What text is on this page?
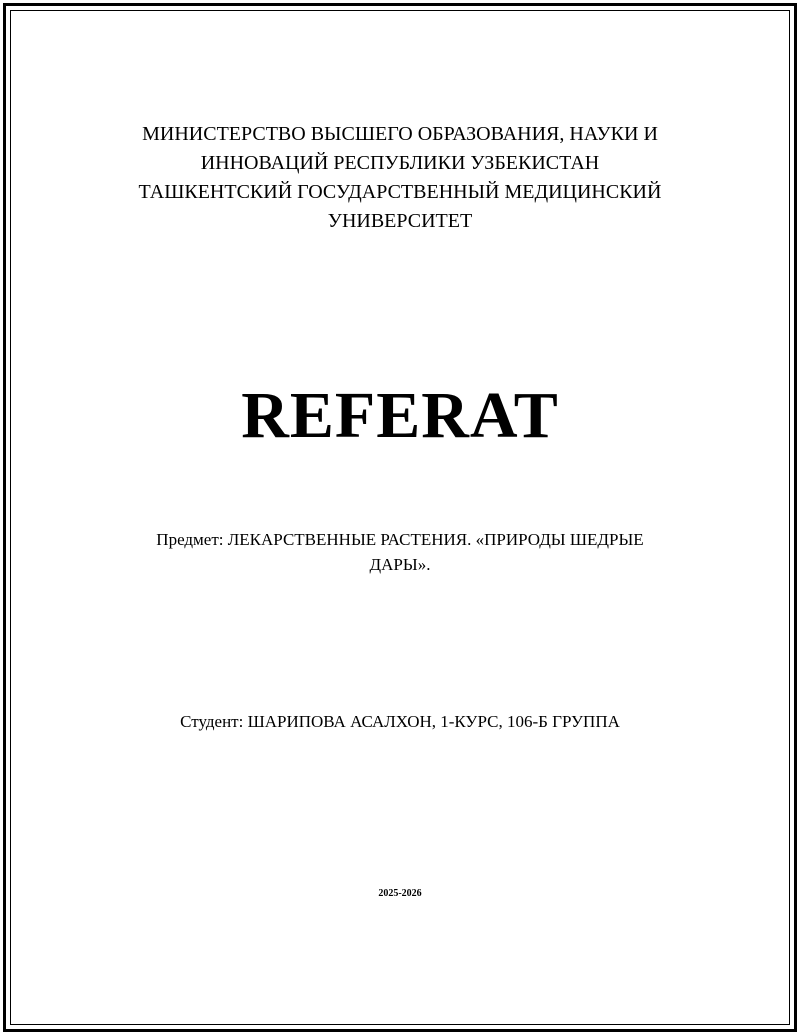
МИНИСТЕРСТВО ВЫСШЕГО ОБРАЗОВАНИЯ, НАУКИ И
ИННОВАЦИЙ РЕСПУБЛИКИ УЗБЕКИСТАН
ТАШКЕНТСКИЙ ГОСУДАРСТВЕННЫЙ МЕДИЦИНСКИЙ
УНИВЕРСИТЕТ
REFERAT
Предмет: ЛЕКАРСТВЕННЫЕ РАСТЕНИЯ. «ПРИРОДЫ ШЕДРЫЕ
ДАРЫ».
Студент: ШАРИПОВА АСАЛХОН, 1-КУРС, 106-Б ГРУППА
2025-2026
